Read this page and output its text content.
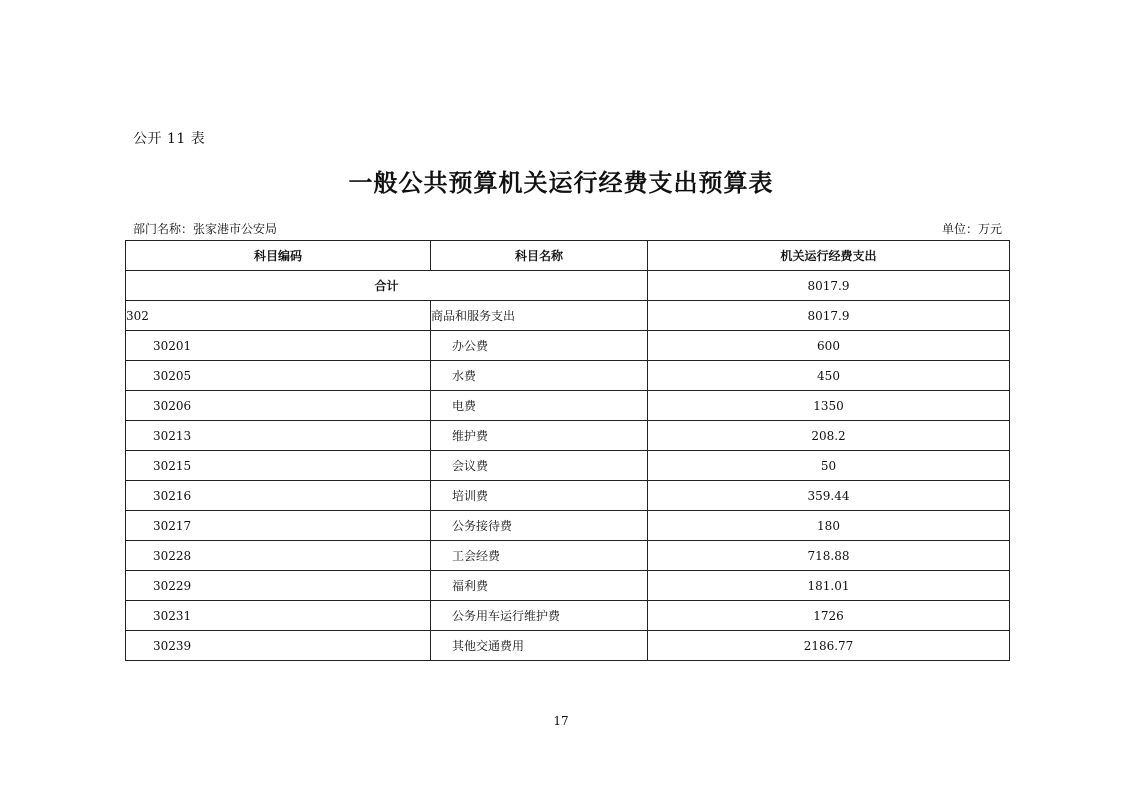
公开 11 表
一般公共预算机关运行经费支出预算表
部门名称：张家港市公安局	单位：万元
科目编码	科目名称	机关运行经费支出
合计		8017.9
302	商品和服务支出	8017.9
30201	办公费	600
30205	水费	450
30206	电费	1350
30213	维护费	208.2
30215	会议费	50
30216	培训费	359.44
30217	公务接待费	180
30228	工会经费	718.88
30229	福利费	181.01
30231	公务用车运行维护费	1726
30239	其他交通费用	2186.77
17
